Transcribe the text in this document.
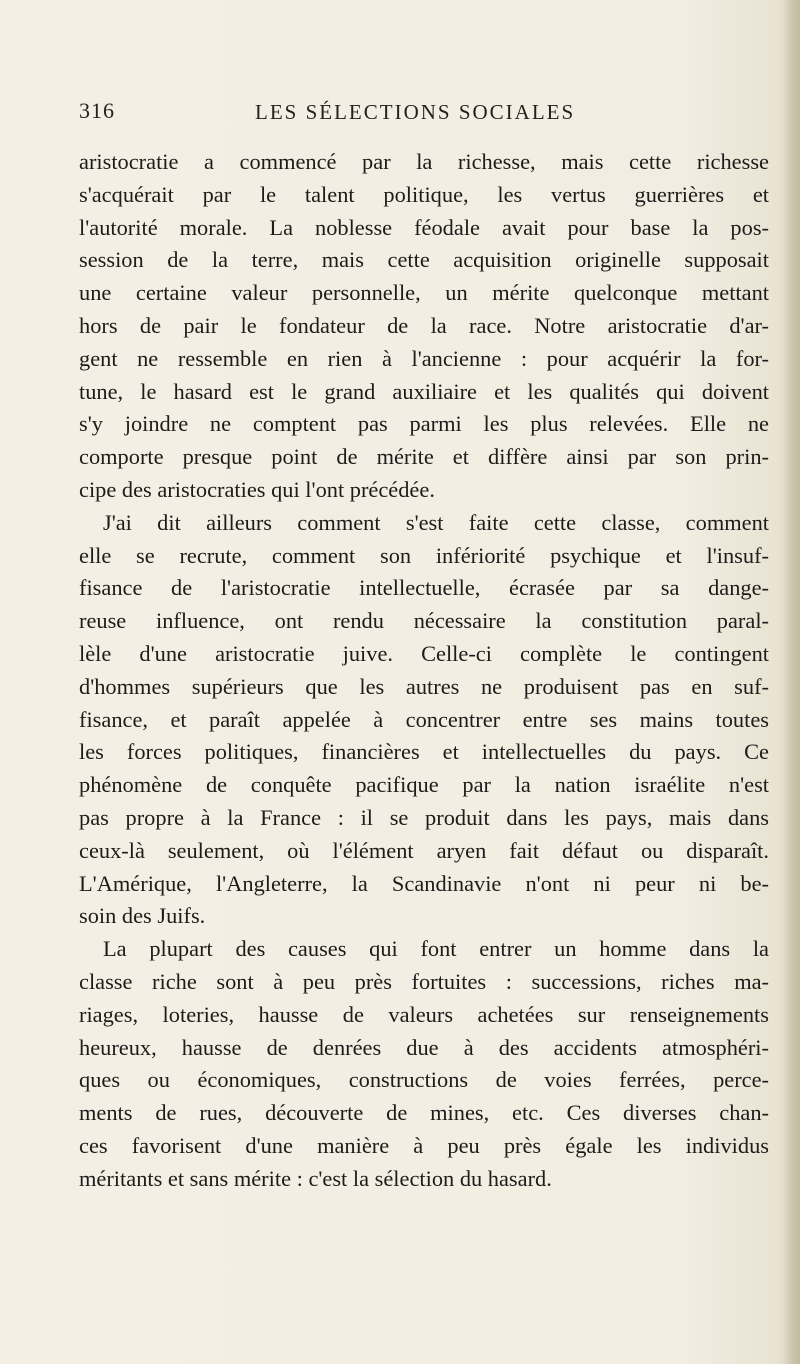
316	LES SÉLECTIONS SOCIALES
aristocratie a commencé par la richesse, mais cette richesse
s'acquérait par le talent politique, les vertus guerrières et
l'autorité morale. La noblesse féodale avait pour base la pos-
session de la terre, mais cette acquisition originelle supposait
une certaine valeur personnelle, un mérite quelconque mettant
hors de pair le fondateur de la race. Notre aristocratie d'ar-
gent ne ressemble en rien à l'ancienne : pour acquérir la for-
tune, le hasard est le grand auxiliaire et les qualités qui doivent
s'y joindre ne comptent pas parmi les plus relevées. Elle ne
comporte presque point de mérite et diffère ainsi par son prin-
cipe des aristocraties qui l'ont précédée.
J'ai dit ailleurs comment s'est faite cette classe, comment
elle se recrute, comment son infériorité psychique et l'insuf-
fisance de l'aristocratie intellectuelle, écrasée par sa dange-
reuse influence, ont rendu nécessaire la constitution paral-
lèle d'une aristocratie juive. Celle-ci complète le contingent
d'hommes supérieurs que les autres ne produisent pas en suf-
fisance, et paraît appelée à concentrer entre ses mains toutes
les forces politiques, financières et intellectuelles du pays. Ce
phénomène de conquête pacifique par la nation israélite n'est
pas propre à la France : il se produit dans les pays, mais dans
ceux-là seulement, où l'élément aryen fait défaut ou disparaît.
L'Amérique, l'Angleterre, la Scandinavie n'ont ni peur ni be-
soin des Juifs.
La plupart des causes qui font entrer un homme dans la
classe riche sont à peu près fortuites : successions, riches ma-
riages, loteries, hausse de valeurs achetées sur renseignements
heureux, hausse de denrées due à des accidents atmosphéri-
ques ou économiques, constructions de voies ferrées, perce-
ments de rues, découverte de mines, etc. Ces diverses chan-
ces favorisent d'une manière à peu près égale les individus
méritants et sans mérite : c'est la sélection du hasard.
